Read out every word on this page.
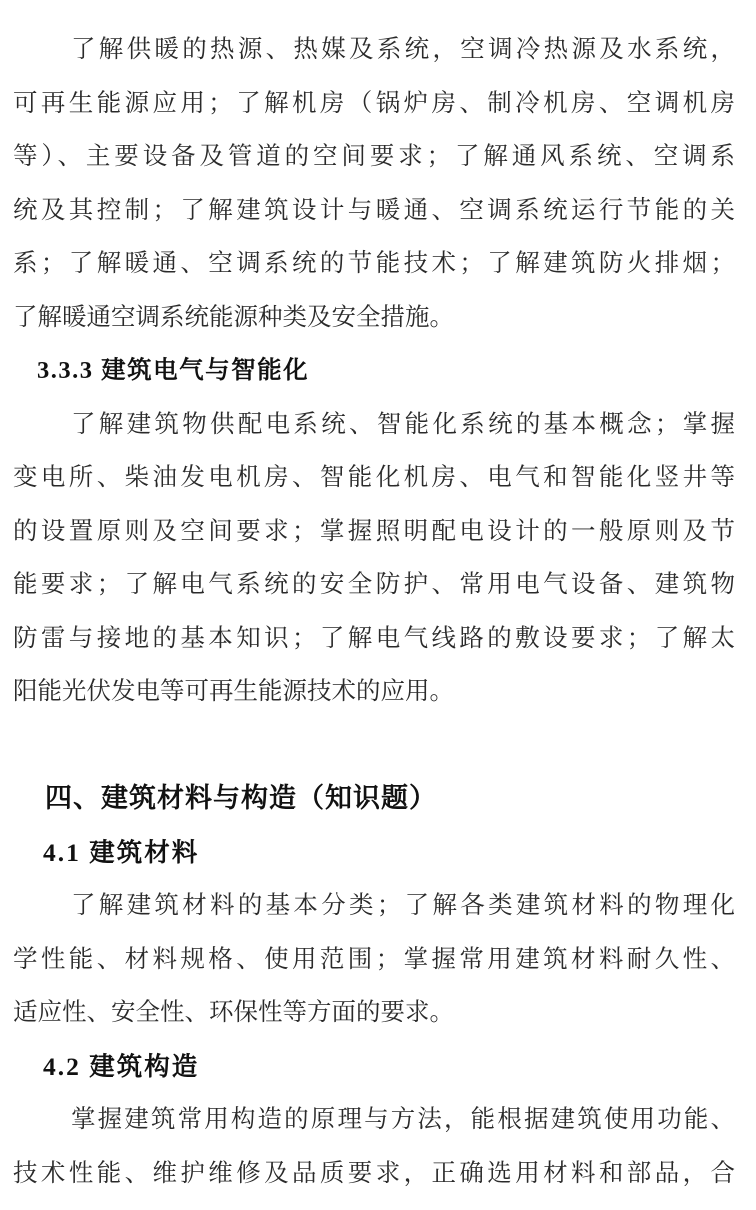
了解供暖的热源、热媒及系统，空调冷热源及水系统，
可再生能源应用；了解机房（锅炉房、制冷机房、空调机房
等）、主要设备及管道的空间要求；了解通风系统、空调系
统及其控制；了解建筑设计与暖通、空调系统运行节能的关
系；了解暖通、空调系统的节能技术；了解建筑防火排烟；
了解暖通空调系统能源种类及安全措施。
3.3.3 建筑电气与智能化
了解建筑物供配电系统、智能化系统的基本概念；掌握
变电所、柴油发电机房、智能化机房、电气和智能化竖井等
的设置原则及空间要求；掌握照明配电设计的一般原则及节
能要求；了解电气系统的安全防护、常用电气设备、建筑物
防雷与接地的基本知识；了解电气线路的敷设要求；了解太
阳能光伏发电等可再生能源技术的应用。
四、建筑材料与构造（知识题）
4.1 建筑材料
了解建筑材料的基本分类；了解各类建筑材料的物理化
学性能、材料规格、使用范围；掌握常用建筑材料耐久性、
适应性、安全性、环保性等方面的要求。
4.2 建筑构造
掌握建筑常用构造的原理与方法，能根据建筑使用功能、
技术性能、维护维修及品质要求，正确选用材料和部品，合
